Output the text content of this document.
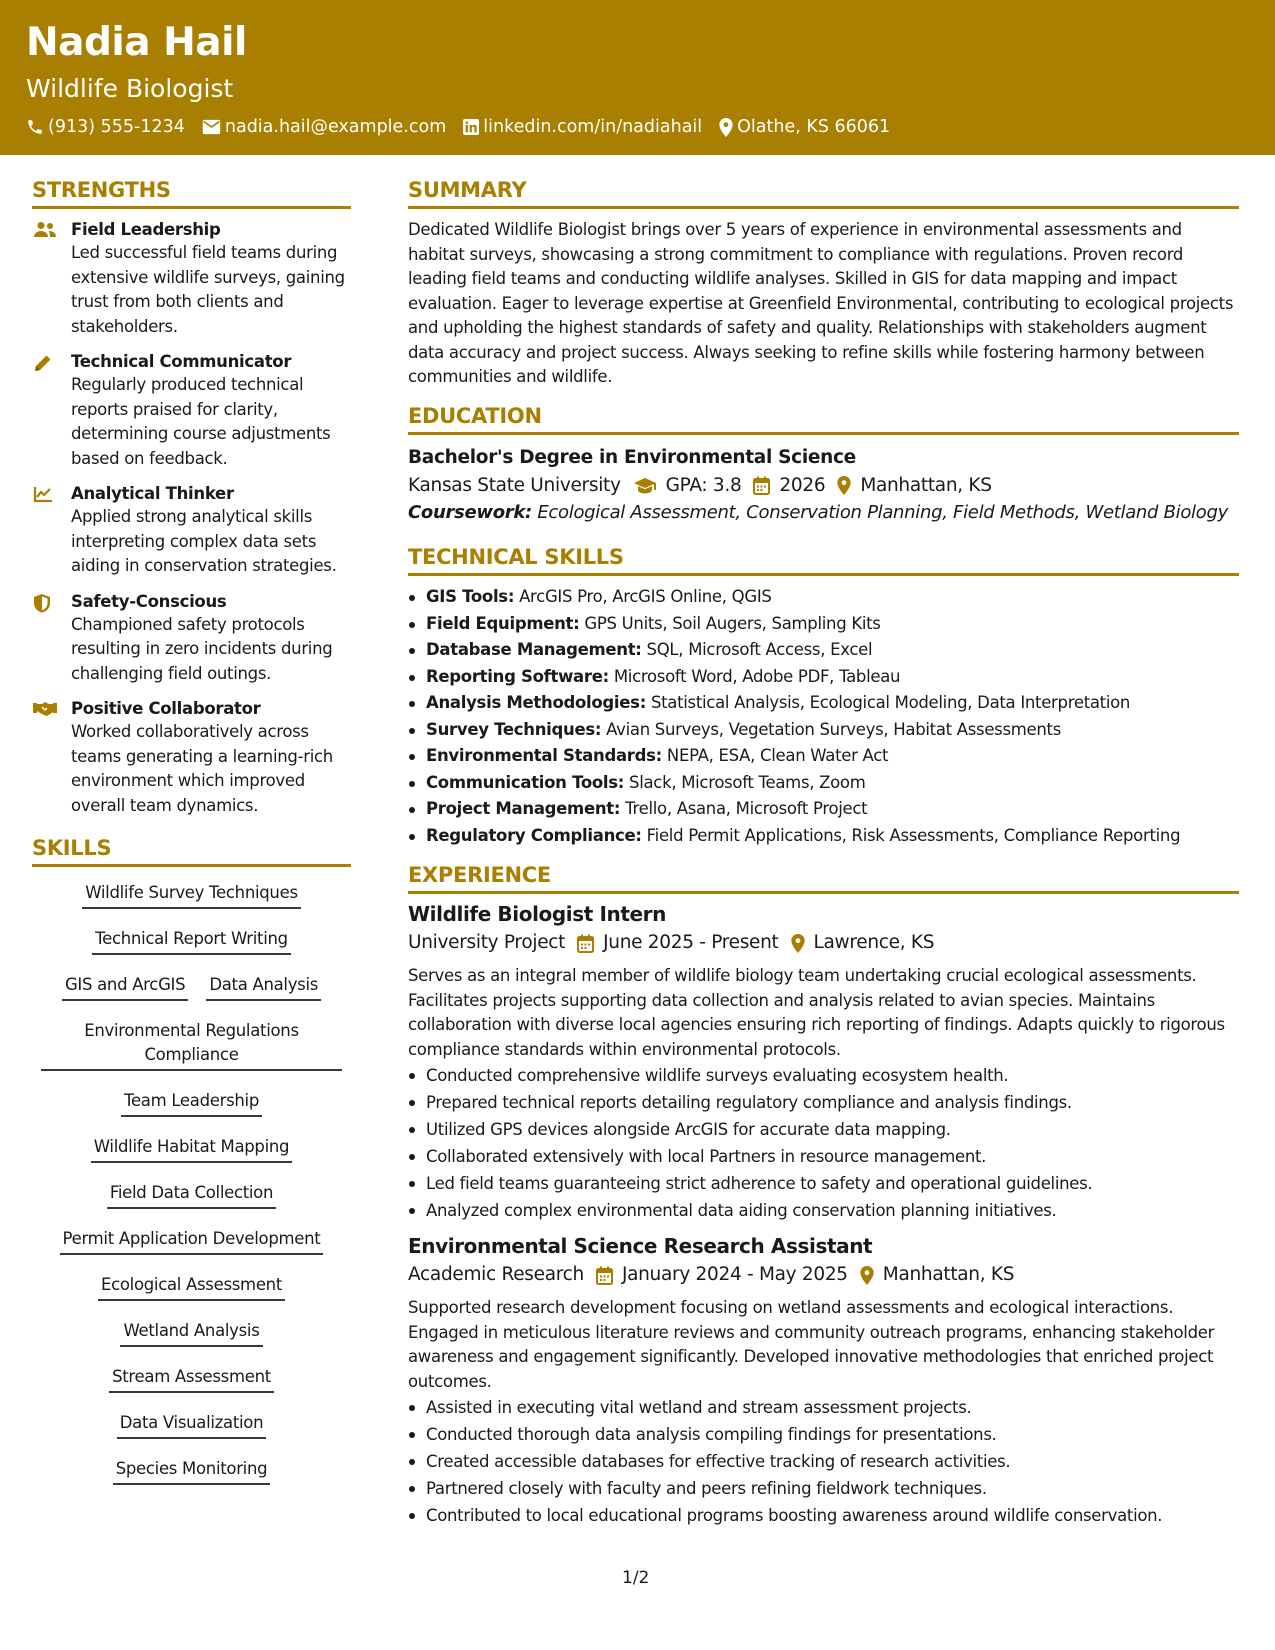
Nadia Hail
Wildlife Biologist
(913) 555-1234 nadia.hail@example.com linkedin.com/in/nadiahail Olathe, KS 66061
STRENGTHS
Field Leadership
Led successful field teams during extensive wildlife surveys, gaining trust from both clients and stakeholders.
Technical Communicator
Regularly produced technical reports praised for clarity, determining course adjustments based on feedback.
Analytical Thinker
Applied strong analytical skills interpreting complex data sets aiding in conservation strategies.
Safety-Conscious
Championed safety protocols resulting in zero incidents during challenging field outings.
Positive Collaborator
Worked collaboratively across teams generating a learning-rich environment which improved overall team dynamics.
SKILLS
Wildlife Survey Techniques
Technical Report Writing
GIS and ArcGIS Data Analysis
Environmental Regulations Compliance
Team Leadership
Wildlife Habitat Mapping
Field Data Collection
Permit Application Development
Ecological Assessment
Wetland Analysis
Stream Assessment
Data Visualization
Species Monitoring
SUMMARY
Dedicated Wildlife Biologist brings over 5 years of experience in environmental assessments and habitat surveys, showcasing a strong commitment to compliance with regulations. Proven record leading field teams and conducting wildlife analyses. Skilled in GIS for data mapping and impact evaluation. Eager to leverage expertise at Greenfield Environmental, contributing to ecological projects and upholding the highest standards of safety and quality. Relationships with stakeholders augment data accuracy and project success. Always seeking to refine skills while fostering harmony between communities and wildlife.
EDUCATION
Bachelor's Degree in Environmental Science
Kansas State University GPA: 3.8 2026 Manhattan, KS
Coursework: Ecological Assessment, Conservation Planning, Field Methods, Wetland Biology
TECHNICAL SKILLS
GIS Tools: ArcGIS Pro, ArcGIS Online, QGIS
Field Equipment: GPS Units, Soil Augers, Sampling Kits
Database Management: SQL, Microsoft Access, Excel
Reporting Software: Microsoft Word, Adobe PDF, Tableau
Analysis Methodologies: Statistical Analysis, Ecological Modeling, Data Interpretation
Survey Techniques: Avian Surveys, Vegetation Surveys, Habitat Assessments
Environmental Standards: NEPA, ESA, Clean Water Act
Communication Tools: Slack, Microsoft Teams, Zoom
Project Management: Trello, Asana, Microsoft Project
Regulatory Compliance: Field Permit Applications, Risk Assessments, Compliance Reporting
EXPERIENCE
Wildlife Biologist Intern
University Project June 2025 - Present Lawrence, KS
Serves as an integral member of wildlife biology team undertaking crucial ecological assessments. Facilitates projects supporting data collection and analysis related to avian species. Maintains collaboration with diverse local agencies ensuring rich reporting of findings. Adapts quickly to rigorous compliance standards within environmental protocols.
Conducted comprehensive wildlife surveys evaluating ecosystem health.
Prepared technical reports detailing regulatory compliance and analysis findings.
Utilized GPS devices alongside ArcGIS for accurate data mapping.
Collaborated extensively with local Partners in resource management.
Led field teams guaranteeing strict adherence to safety and operational guidelines.
Analyzed complex environmental data aiding conservation planning initiatives.
Environmental Science Research Assistant
Academic Research January 2024 - May 2025 Manhattan, KS
Supported research development focusing on wetland assessments and ecological interactions. Engaged in meticulous literature reviews and community outreach programs, enhancing stakeholder awareness and engagement significantly. Developed innovative methodologies that enriched project outcomes.
Assisted in executing vital wetland and stream assessment projects.
Conducted thorough data analysis compiling findings for presentations.
Created accessible databases for effective tracking of research activities.
Partnered closely with faculty and peers refining fieldwork techniques.
Contributed to local educational programs boosting awareness around wildlife conservation.
1/2
